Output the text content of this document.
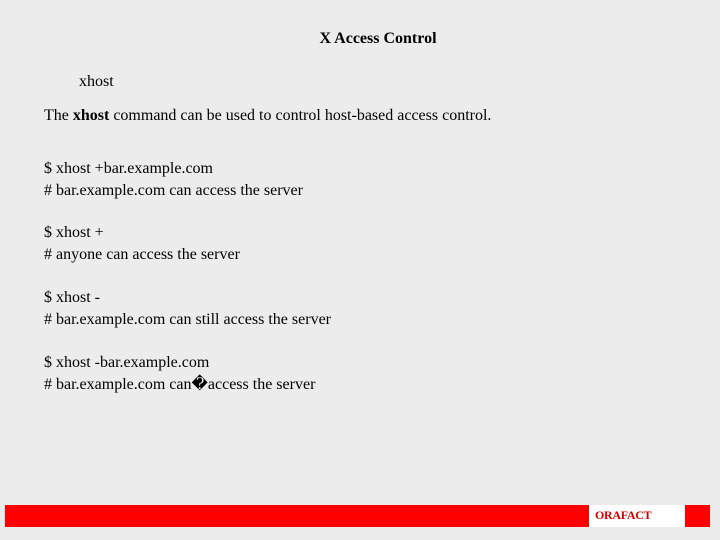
X Access Control
xhost
The xhost command can be used to control host-based access control.
$ xhost +bar.example.com
# bar.example.com can access the server
$ xhost +
# anyone can access the server
$ xhost -
# bar.example.com can still access the server
$ xhost -bar.example.com
# bar.example.com can�access the server
ORAFACT
